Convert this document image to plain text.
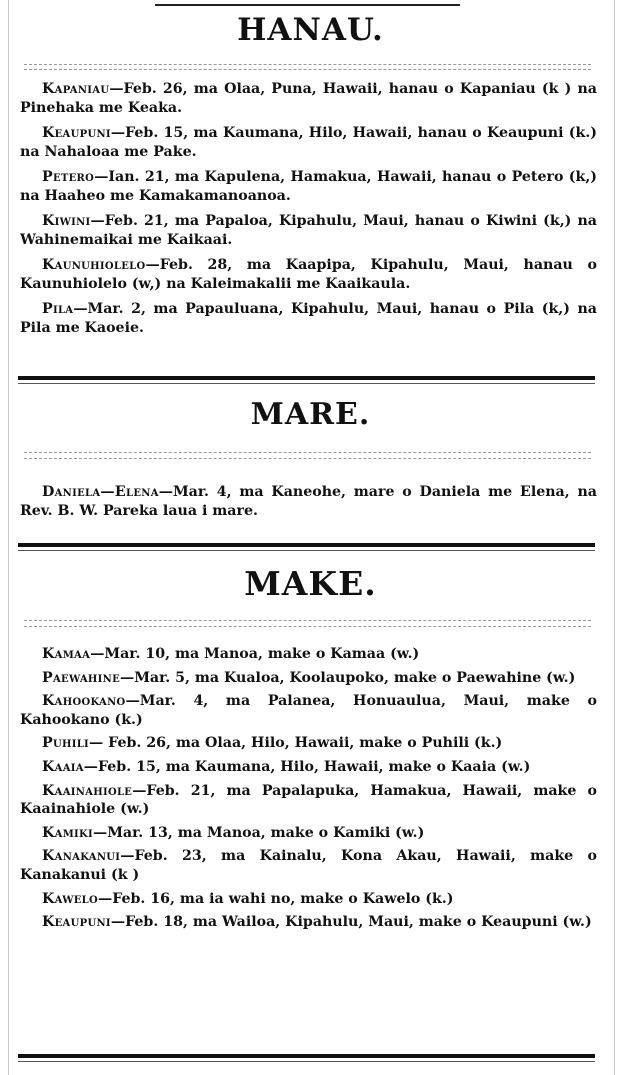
HANAU.

Kapaniau—Feb. 26, ma Olaa, Puna, Hawaii, hanau o Kapaniau (k ) na Pinehaka me Keaka.

Keaupuni—Feb. 15, ma Kaumana, Hilo, Hawaii, hanau o Keaupuni (k.) na Nahaloaa me Pake.

Petero—Ian. 21, ma Kapulena, Hamakua, Hawaii, hanau o Petero (k,) na Haaheo me Kamakamanoanoa.

Kiwini—Feb. 21, ma Papaloa, Kipahulu, Maui, hanau o Kiwini (k,) na Wahinemaikai me Kaikaai.

Kaunuhiolelo—Feb. 28, ma Kaapipa, Kipahulu, Maui, hanau o Kaunuhiolelo (w,) na Kaleimakalii me Kaaikaula.

Pila—Mar. 2, ma Papauluana, Kipahulu, Maui, hanau o Pila (k,) na Pila me Kaoeie.

MARE.

Daniela—Elena—Mar. 4, ma Kaneohe, mare o Daniela me Elena, na Rev. B. W. Pareka laua i mare.

MAKE.

Kamaa—Mar. 10, ma Manoa, make o Kamaa (w.)

Paewahine—Mar. 5, ma Kualoa, Koolaupoko, make o Paewahine (w.)

Kahookano—Mar. 4, ma Palanea, Honuaulua, Maui, make o Kahookano (k.)

Puhili— Feb. 26, ma Olaa, Hilo, Hawaii, make o Puhili (k.)

Kaaia—Feb. 15, ma Kaumana, Hilo, Hawaii, make o Kaaia (w.)

Kaainahiole—Feb. 21, ma Papalapuka, Hamakua, Hawaii, make o Kaainahiole (w.)

Kamiki—Mar. 13, ma Manoa, make o Kamiki (w.)

Kanakanui—Feb. 23, ma Kainalu, Kona Akau, Hawaii, make o Kanakanui (k )

Kawelo—Feb. 16, ma ia wahi no, make o Kawelo (k.)

Keaupuni—Feb. 18, ma Wailoa, Kipahulu, Maui, make o Keaupuni (w.)
